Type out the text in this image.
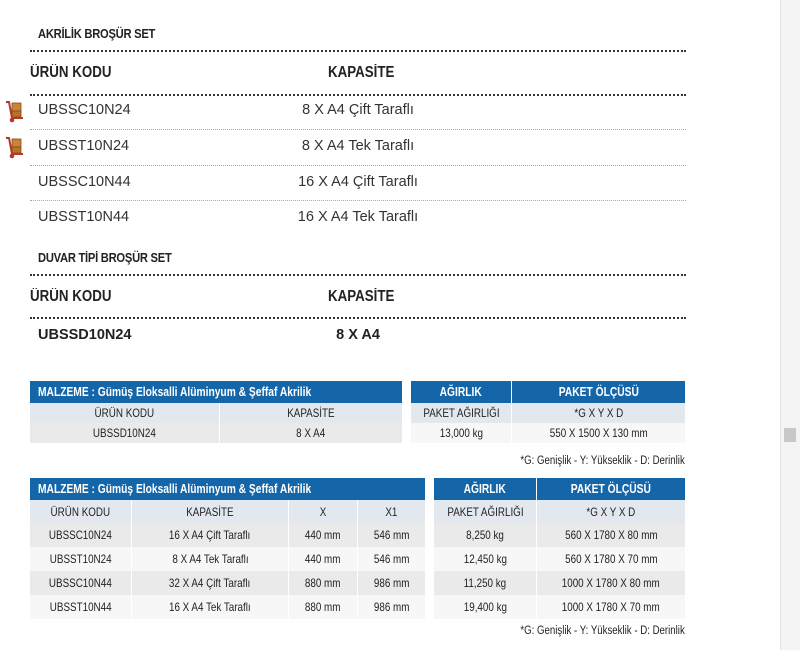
AKRİLİK BROŞÜR SET
ÜRÜN KODU	KAPASİTE
UBSSC10N24	8 X A4 Çift Taraflı
UBSST10N24	8 X A4 Tek Taraflı
UBSSC10N44	16 X A4 Çift Taraflı
UBSST10N44	16 X A4 Tek Taraflı
DUVAR TİPİ BROŞÜR SET
ÜRÜN KODU	KAPASİTE
UBSSD10N24	8 X A4
MALZEME : Gümüş Eloksalli Alüminyum & Şeffaf Akrilik	
ÜRÜN KODU	KAPASİTE
UBSSD10N24	8 X A4
AĞIRLIK	PAKET ÖLÇÜSÜ
PAKET AĞIRLIĞI	*G X Y X D
13,000 kg	550 X 1500 X 130 mm
*G: Genişlik - Y: Yükseklik - D: Derinlik
MALZEME : Gümüş Eloksalli Alüminyum & Şeffaf Akrilik			
ÜRÜN KODU	KAPASİTE	X	X1
UBSSC10N24	16 X A4 Çift Taraflı	440 mm	546 mm
UBSST10N24	8 X A4 Tek Taraflı	440 mm	546 mm
UBSSC10N44	32 X A4 Çift Taraflı	880 mm	986 mm
UBSST10N44	16 X A4 Tek Taraflı	880 mm	986 mm
AĞIRLIK	PAKET ÖLÇÜSÜ
PAKET AĞIRLIĞI	*G X Y X D
8,250 kg	560 X 1780 X 80 mm
12,450 kg	560 X 1780 X 70 mm
11,250 kg	1000 X 1780 X 80 mm
19,400 kg	1000 X 1780 X 70 mm
*G: Genişlik - Y: Yükseklik - D: Derinlik
